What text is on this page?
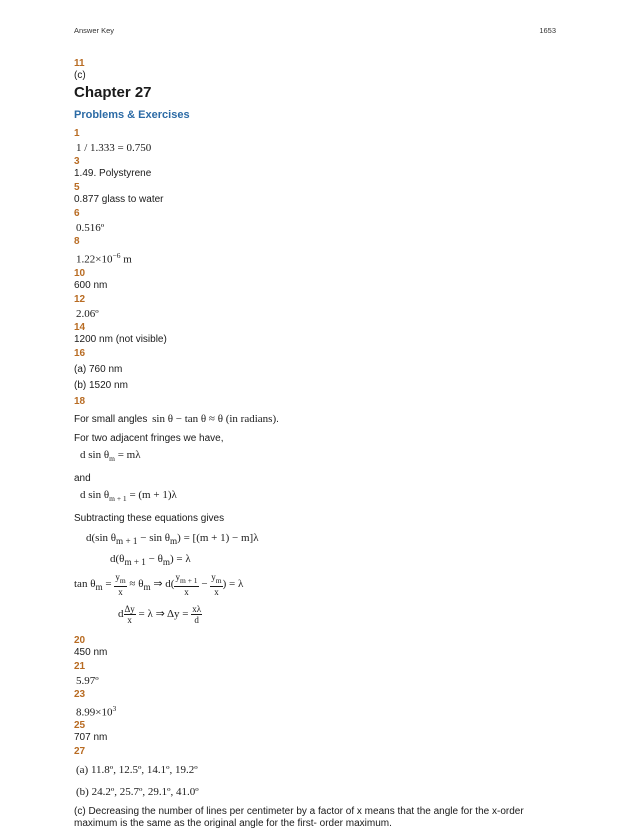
Answer Key	1653
11
(c)
Chapter 27
Problems & Exercises
1
1 / 1.333 = 0.750
3
1.49. Polystyrene
5
0.877 glass to water
6
0.516º
8
$1.22\times 10^{-6}$ m
10
600 nm
12
2.06º
14
1200 nm (not visible)
16
(a) 760 nm
(b) 1520 nm
18
For small angles sin θ − tan θ ≈ θ (in radians).
For two adjacent fringes we have,
d $\sin \theta_m = m\lambda$
and
d $\sin \theta_{m + 1} = (m + 1)\lambda$
Subtracting these equations gives
d(sin $\theta_{m + 1} - \sin \theta_m) = [(m + 1) - m]\lambda$
$d(\theta_{m + 1} - \theta_m) = \lambda$
$\tan \theta_m = \frac{y_m}{x} \approx \theta_m$ ⇒ $d( \frac{y_{m + 1}}{x} - \frac{y_m}{x}$ ) = λ
d $\frac{\Delta y}{x} = \lambda$ ⇒ $\Delta y = \frac{x\lambda}{d}$
20
450 nm
21
5.97º
23
$8.99\times 10^3$
25
707 nm
27
(a) 11.8º, 12.5º, 14.1º, 19.2º
(b) 24.2º, 25.7º, 29.1º, 41.0º
(c) Decreasing the number of lines per centimeter by a factor of x means that the angle for the x-order maximum is the same as the original angle for the first- order maximum.
